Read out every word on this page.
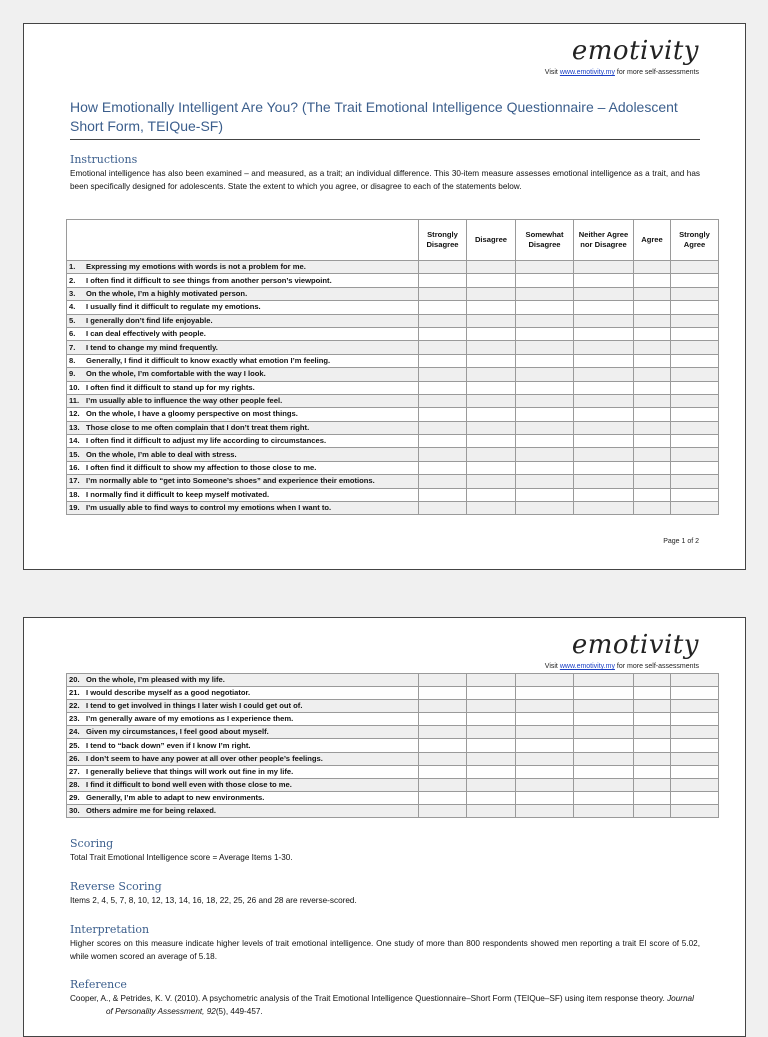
emotivity
Visit www.emotivity.my for more self-assessments
How Emotionally Intelligent Are You? (The Trait Emotional Intelligence Questionnaire – Adolescent Short Form, TEIQue-SF)
Instructions
Emotional intelligence has also been examined – and measured, as a trait; an individual difference. This 30-item measure assesses emotional intelligence as a trait, and has been specifically designed for adolescents. State the extent to which you agree, or disagree to each of the statements below.
	Strongly Disagree	Disagree	Somewhat Disagree	Neither Agree nor Disagree	Agree	Strongly Agree
1. Expressing my emotions with words is not a problem for me.						
2. I often find it difficult to see things from another person’s viewpoint.						
3. On the whole, I’m a highly motivated person.						
4. I usually find it difficult to regulate my emotions.						
5. I generally don’t find life enjoyable.						
6. I can deal effectively with people.						
7. I tend to change my mind frequently.						
8. Generally, I find it difficult to know exactly what emotion I’m feeling.						
9. On the whole, I’m comfortable with the way I look.						
10. I often find it difficult to stand up for my rights.						
11. I’m usually able to influence the way other people feel.						
12. On the whole, I have a gloomy perspective on most things.						
13. Those close to me often complain that I don’t treat them right.						
14. I often find it difficult to adjust my life according to circumstances.						
15. On the whole, I’m able to deal with stress.						
16. I often find it difficult to show my affection to those close to me.						
17. I’m normally able to “get into Someone’s shoes” and experience their emotions.						
18. I normally find it difficult to keep myself motivated.						
19. I’m usually able to find ways to control my emotions when I want to.						
Page 1 of 2
emotivity
Visit www.emotivity.my for more self-assessments
20. On the whole, I’m pleased with my life.						
21. I would describe myself as a good negotiator.						
22. I tend to get involved in things I later wish I could get out of.						
23. I’m generally aware of my emotions as I experience them.						
24. Given my circumstances, I feel good about myself.						
25. I tend to “back down” even if I know I’m right.						
26. I don’t seem to have any power at all over other people’s feelings.						
27. I generally believe that things will work out fine in my life.						
28. I find it difficult to bond well even with those close to me.						
29. Generally, I’m able to adapt to new environments.						
30. Others admire me for being relaxed.						
Scoring
Total Trait Emotional Intelligence score = Average Items 1-30.
Reverse Scoring
Items 2, 4, 5, 7, 8, 10, 12, 13, 14, 16, 18, 22, 25, 26 and 28 are reverse-scored.
Interpretation
Higher scores on this measure indicate higher levels of trait emotional intelligence. One study of more than 800 respondents showed men reporting a trait EI score of 5.02, while women scored an average of 5.18.
Reference
Cooper, A., & Petrides, K. V. (2010). A psychometric analysis of the Trait Emotional Intelligence Questionnaire–Short Form (TEIQue–SF) using item response theory. Journal of Personality Assessment, 92(5), 449-457.
